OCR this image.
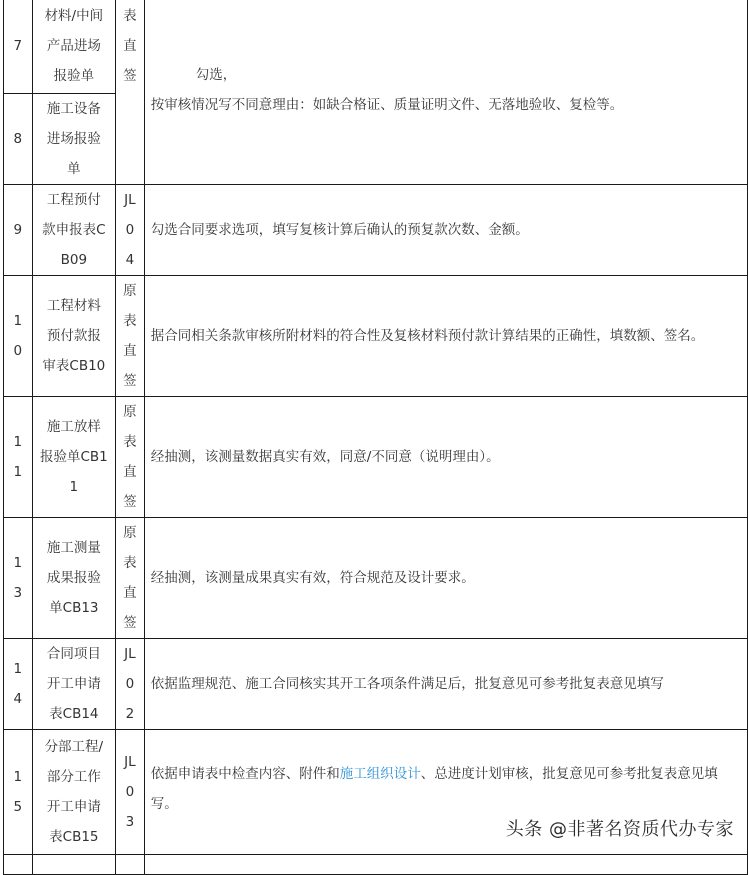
7	材料/中间
产品进场
报验单	表
直
签	勾选，
按审核情况写不同意理由：如缺合格证、质量证明文件、无落地验收、复检等。

8	施工设备
进场报验
单		

9	工程预付
款申报表C
B09	JL
0
4	勾选合同要求选项，填写复核计算后确认的预复款次数、金额。

1
0	工程材料
预付款报
审表CB10	原
表
直
签	据合同相关条款审核所附材料的符合性及复核材料预付款计算结果的正确性，填数额、签名。

1
1	施工放样
报验单CB1
1	原
表
直
签	经抽测，该测量数据真实有效，同意/不同意（说明理由）。

1
3	施工测量
成果报验
单CB13	原
表
直
签	经抽测，该测量成果真实有效，符合规范及设计要求。

1
4	合同项目
开工申请
表CB14	JL
0
2	依据监理规范、施工合同核实其开工各项条件满足后，批复意见可参考批复表意见填写

1
5	分部工程/
部分工作
开工申请
表CB15	JL
0
3	依据申请表中检查内容、附件和施工组织设计、总进度计划审核，批复意见可参考批复表意见填写。

头条 @非著名资质代办专家
